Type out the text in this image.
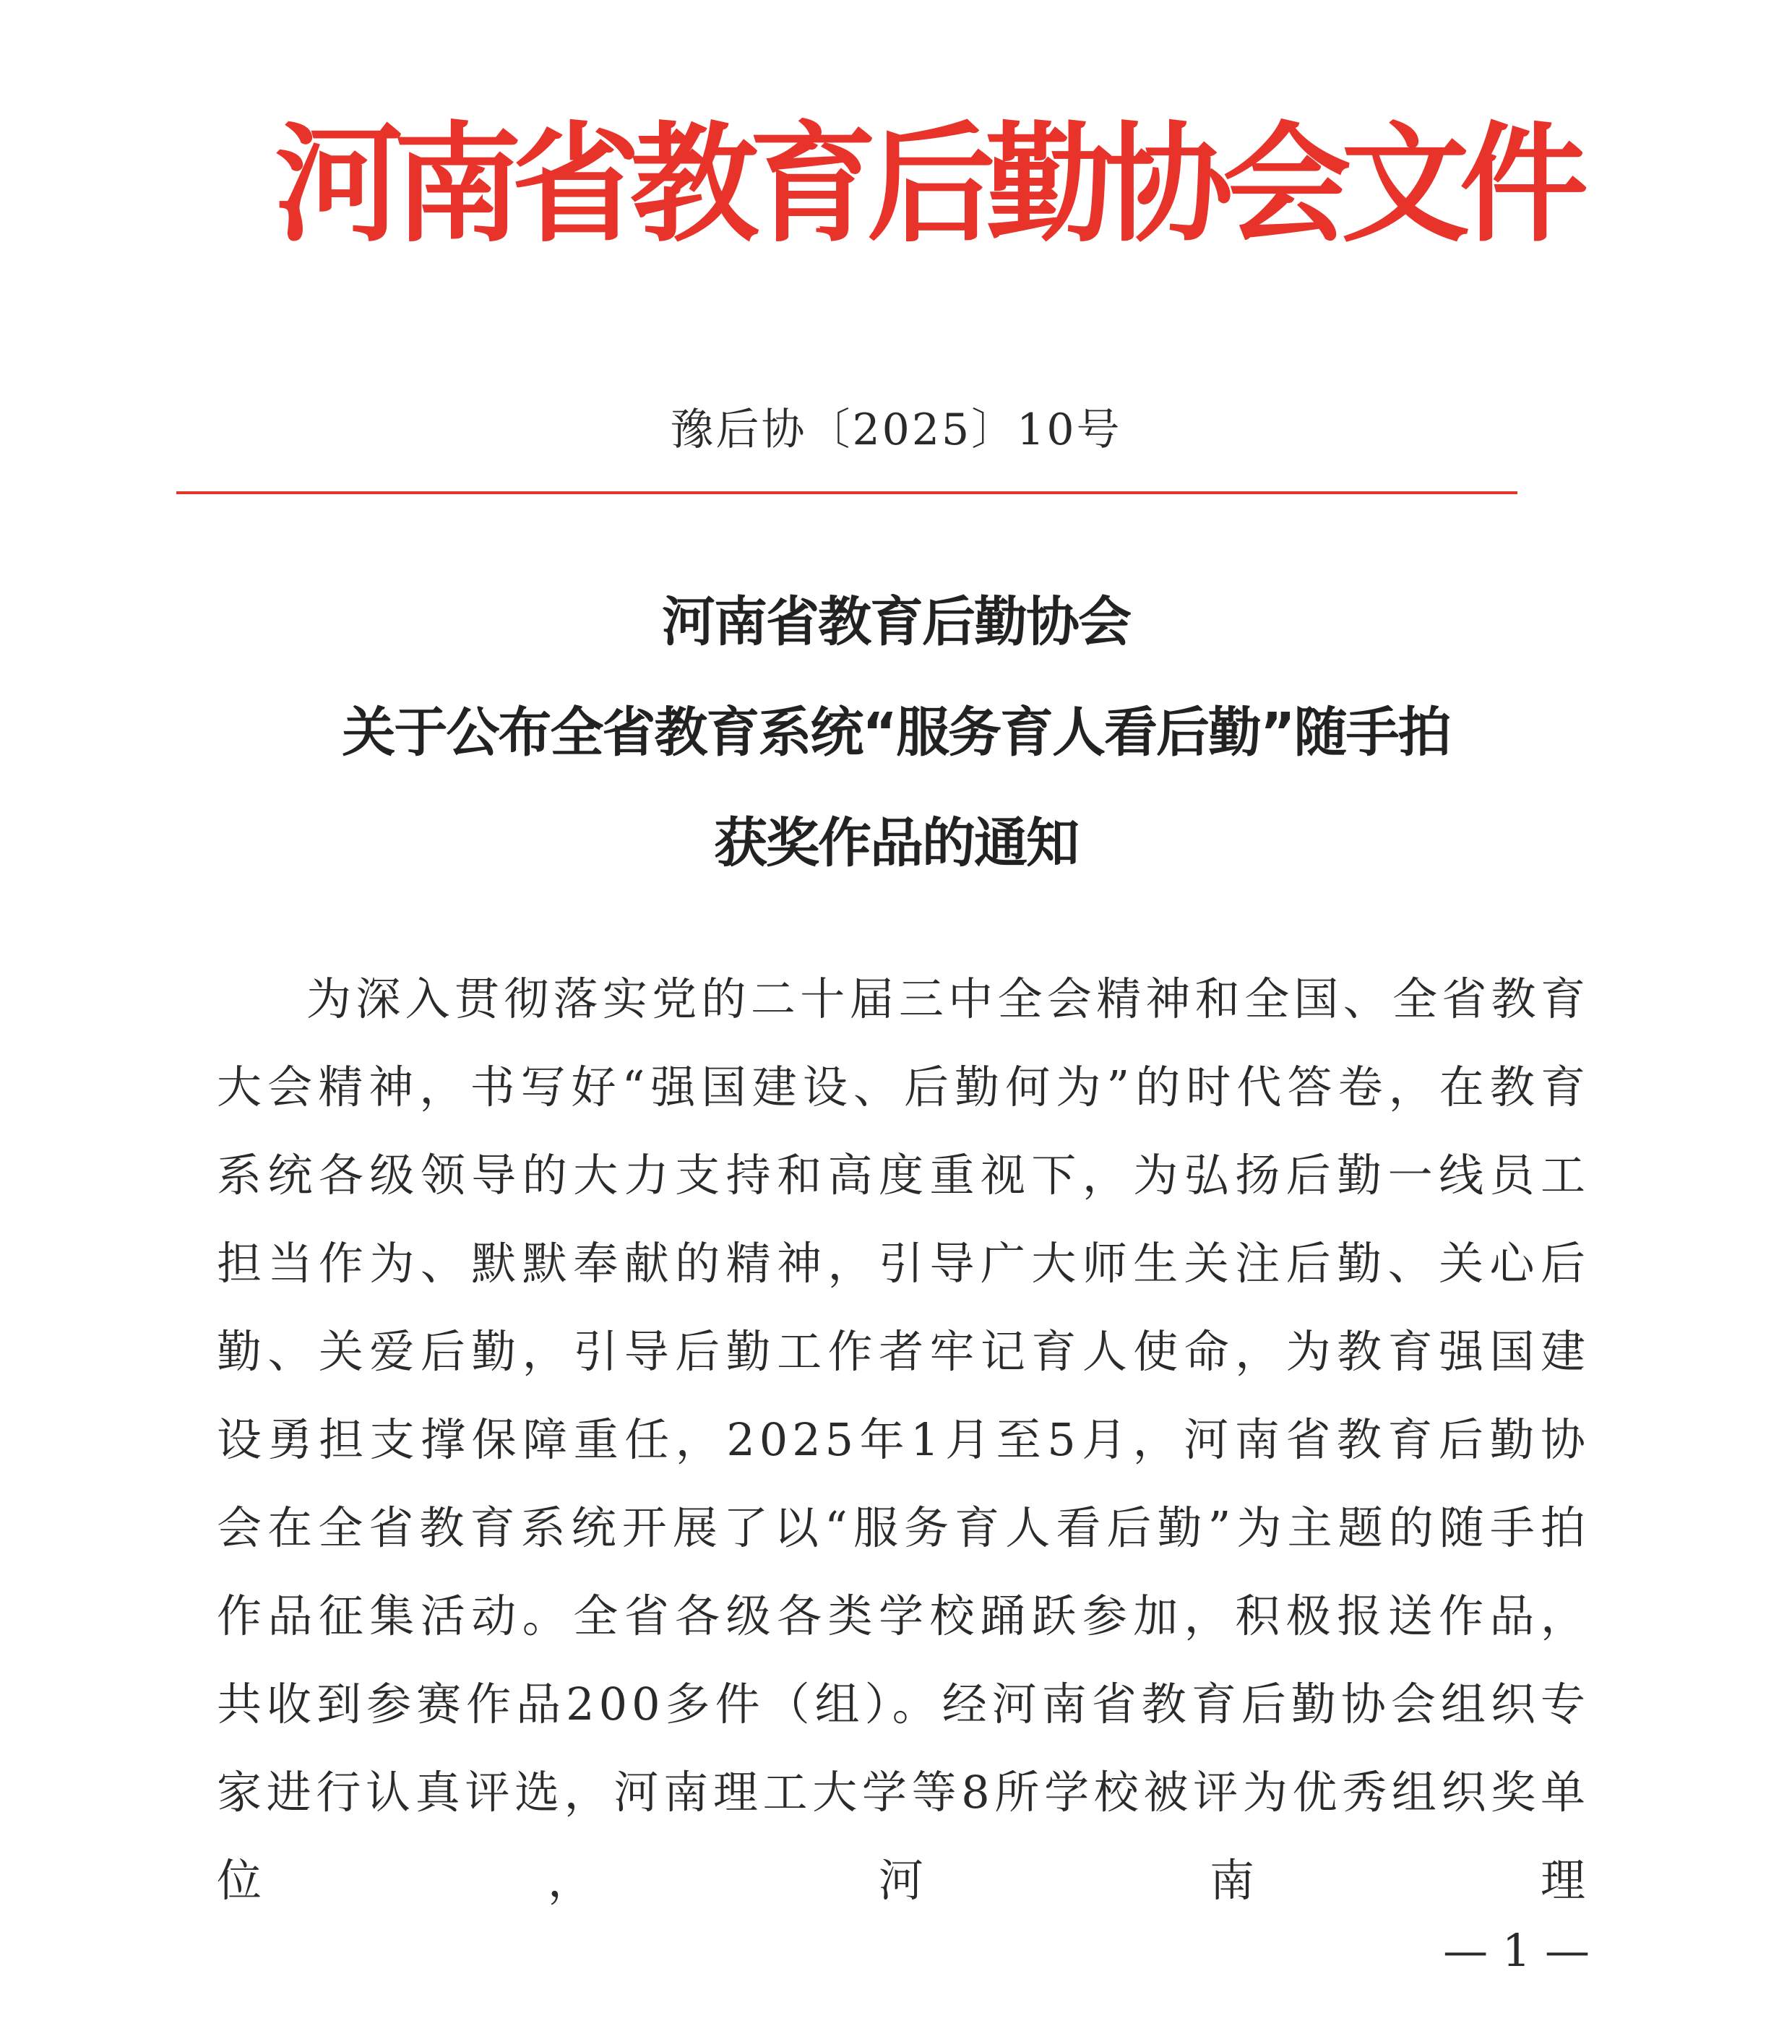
河南省教育后勤协会文件
豫后协〔2025〕10号
河南省教育后勤协会
关于公布全省教育系统“服务育人看后勤”随手拍
获奖作品的通知

为深入贯彻落实党的二十届三中全会精神和全国、全省教育大会精神，书写好“强国建设、后勤何为”的时代答卷，在教育系统各级领导的大力支持和高度重视下，为弘扬后勤一线员工担当作为、默默奉献的精神，引导广大师生关注后勤、关心后勤、关爱后勤，引导后勤工作者牢记育人使命，为教育强国建设勇担支撑保障重任，2025年1月至5月，河南省教育后勤协会在全省教育系统开展了以“服务育人看后勤”为主题的随手拍作品征集活动。全省各级各类学校踊跃参加，积极报送作品，共收到参赛作品200多件（组）。经河南省教育后勤协会组织专家进行认真评选，河南理工大学等8所学校被评为优秀组织奖单位，河南理

— 1 —
